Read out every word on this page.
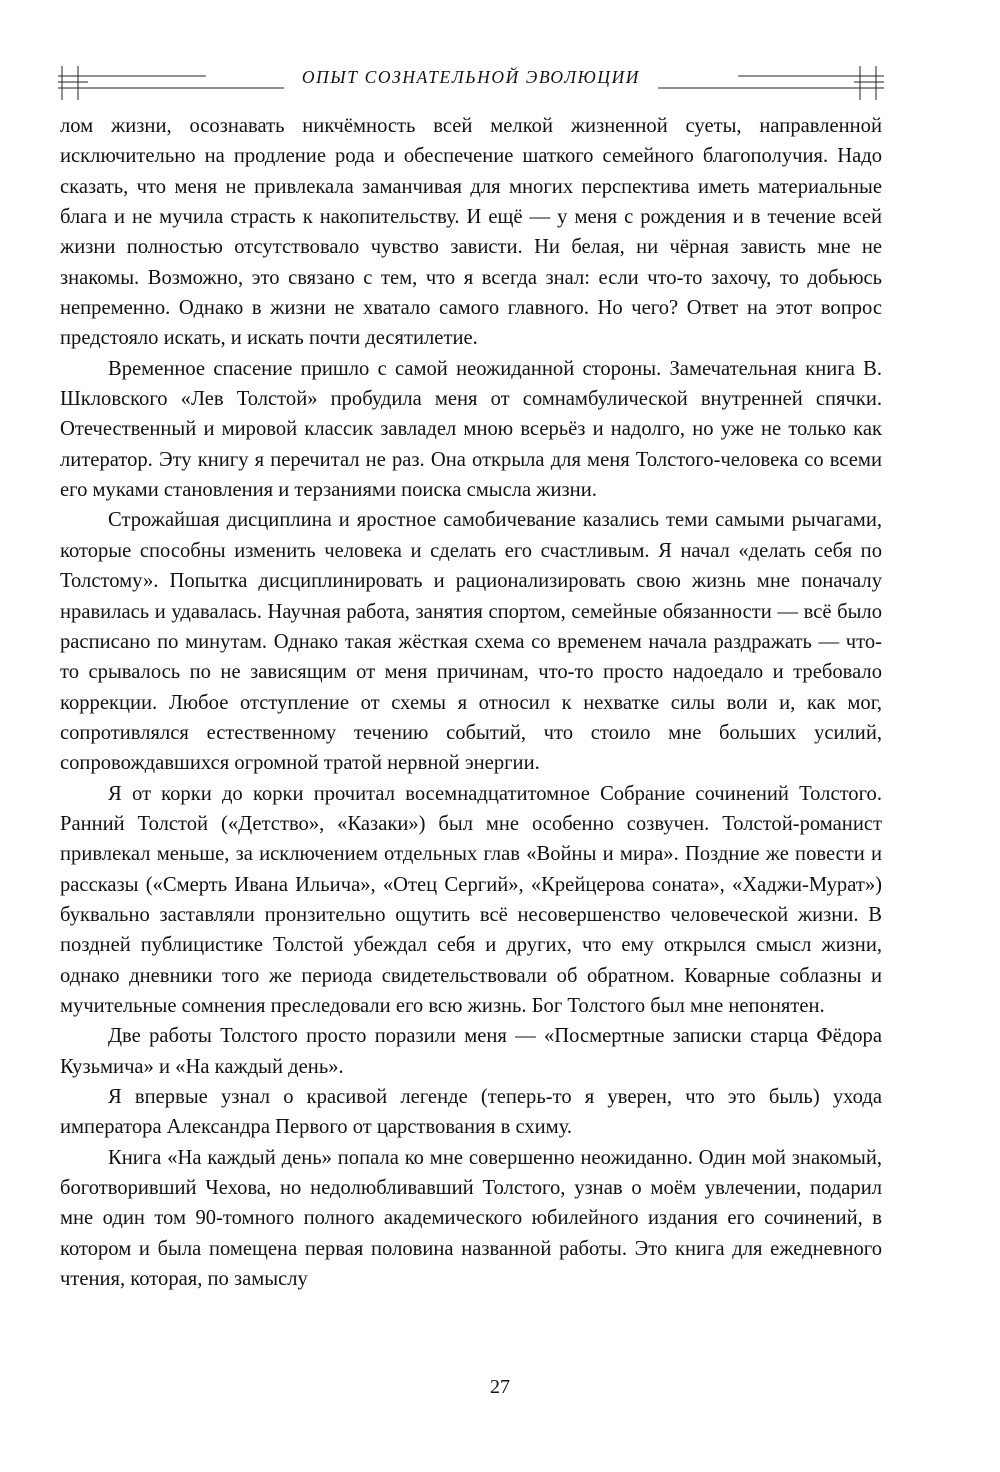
ОПЫТ СОЗНАТЕЛЬНОЙ ЭВОЛЮЦИИ

лом жизни, осознавать никчёмность всей мелкой жизненной суеты, направленной исключительно на продление рода и обеспечение шаткого семейного благополучия. Надо сказать, что меня не привлекала заманчивая для многих перспектива иметь материальные блага и не мучила страсть к накопительству. И ещё — у меня с рождения и в течение всей жизни полностью отсутствовало чувство зависти. Ни белая, ни чёрная зависть мне не знакомы. Возможно, это связано с тем, что я всегда знал: если что-то захочу, то добьюсь непременно. Однако в жизни не хватало самого главного. Но чего? Ответ на этот вопрос предстояло искать, и искать почти десятилетие.

Временное спасение пришло с самой неожиданной стороны. Замечательная книга В. Шкловского «Лев Толстой» пробудила меня от сомнамбулической внутренней спячки. Отечественный и мировой классик завладел мною всерьёз и надолго, но уже не только как литератор. Эту книгу я перечитал не раз. Она открыла для меня Толстого-человека со всеми его муками становления и терзаниями поиска смысла жизни.

Строжайшая дисциплина и яростное самобичевание казались теми самыми рычагами, которые способны изменить человека и сделать его счастливым. Я начал «делать себя по Толстому». Попытка дисциплинировать и рационализировать свою жизнь мне поначалу нравилась и удавалась. Научная работа, занятия спортом, семейные обязанности — всё было расписано по минутам. Однако такая жёсткая схема со временем начала раздражать — что-то срывалось по не зависящим от меня причинам, что-то просто надоедало и требовало коррекции. Любое отступление от схемы я относил к нехватке силы воли и, как мог, сопротивлялся естественному течению событий, что стоило мне больших усилий, сопровождавшихся огромной тратой нервной энергии.

Я от корки до корки прочитал восемнадцатитомное Собрание сочинений Толстого. Ранний Толстой («Детство», «Казаки») был мне особенно созвучен. Толстой-романист привлекал меньше, за исключением отдельных глав «Войны и мира». Поздние же повести и рассказы («Смерть Ивана Ильича», «Отец Сергий», «Крейцерова соната», «Хаджи-Мурат») буквально заставляли пронзительно ощутить всё несовершенство человеческой жизни. В поздней публицистике Толстой убеждал себя и других, что ему открылся смысл жизни, однако дневники того же периода свидетельствовали об обратном. Коварные соблазны и мучительные сомнения преследовали его всю жизнь. Бог Толстого был мне непонятен.

Две работы Толстого просто поразили меня — «Посмертные записки старца Фёдора Кузьмича» и «На каждый день».

Я впервые узнал о красивой легенде (теперь-то я уверен, что это быль) ухода императора Александра Первого от царствования в схиму.

Книга «На каждый день» попала ко мне совершенно неожиданно. Один мой знакомый, боготворивший Чехова, но недолюбливавший Толстого, узнав о моём увлечении, подарил мне один том 90-томного полного академического юбилейного издания его сочинений, в котором и была помещена первая половина названной работы. Это книга для ежедневного чтения, которая, по замыслу

27
